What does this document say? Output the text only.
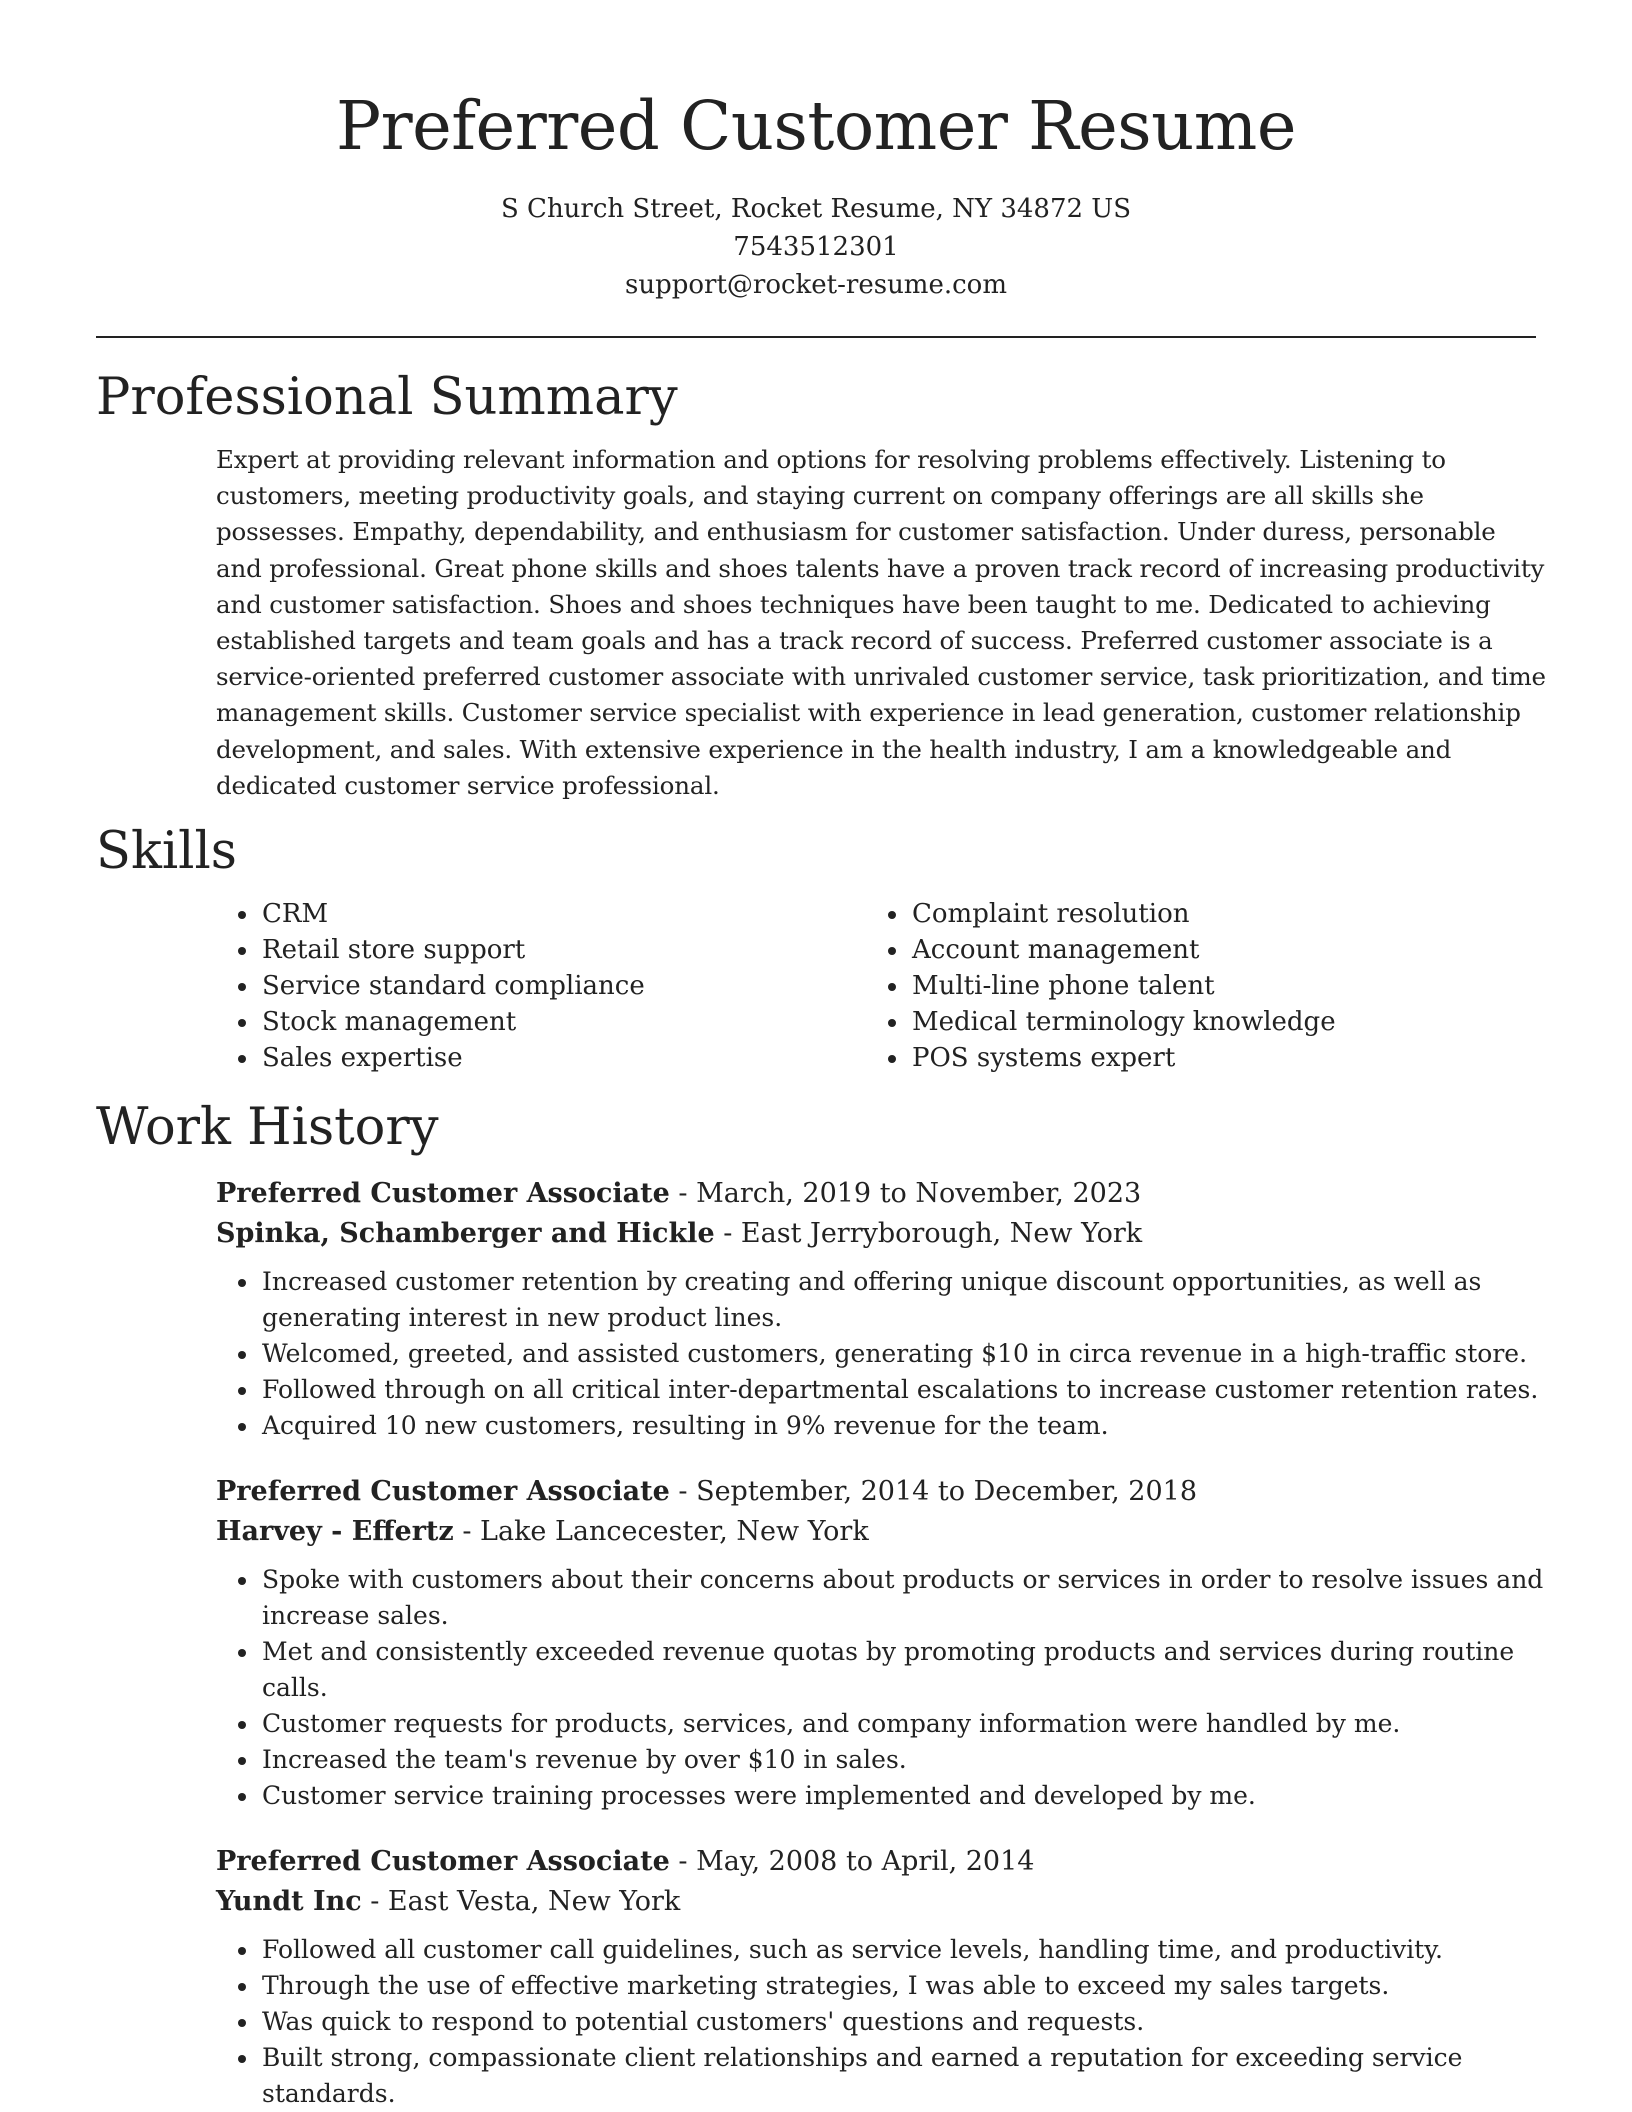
Preferred Customer Resume
S Church Street, Rocket Resume, NY 34872 US
7543512301
support@rocket-resume.com
Professional Summary
Expert at providing relevant information and options for resolving problems effectively. Listening to customers, meeting productivity goals, and staying current on company offerings are all skills she possesses. Empathy, dependability, and enthusiasm for customer satisfaction. Under duress, personable and professional. Great phone skills and shoes talents have a proven track record of increasing productivity and customer satisfaction. Shoes and shoes techniques have been taught to me. Dedicated to achieving established targets and team goals and has a track record of success. Preferred customer associate is a service-oriented preferred customer associate with unrivaled customer service, task prioritization, and time management skills. Customer service specialist with experience in lead generation, customer relationship development, and sales. With extensive experience in the health industry, I am a knowledgeable and dedicated customer service professional.
Skills
• CRM
• Retail store support
• Service standard compliance
• Stock management
• Sales expertise
• Complaint resolution
• Account management
• Multi-line phone talent
• Medical terminology knowledge
• POS systems expert
Work History
Preferred Customer Associate - March, 2019 to November, 2023
Spinka, Schamberger and Hickle - East Jerryborough, New York
• Increased customer retention by creating and offering unique discount opportunities, as well as generating interest in new product lines.
• Welcomed, greeted, and assisted customers, generating $10 in circa revenue in a high-traffic store.
• Followed through on all critical inter-departmental escalations to increase customer retention rates.
• Acquired 10 new customers, resulting in 9% revenue for the team.
Preferred Customer Associate - September, 2014 to December, 2018
Harvey - Effertz - Lake Lancecester, New York
• Spoke with customers about their concerns about products or services in order to resolve issues and increase sales.
• Met and consistently exceeded revenue quotas by promoting products and services during routine calls.
• Customer requests for products, services, and company information were handled by me.
• Increased the team's revenue by over $10 in sales.
• Customer service training processes were implemented and developed by me.
Preferred Customer Associate - May, 2008 to April, 2014
Yundt Inc - East Vesta, New York
• Followed all customer call guidelines, such as service levels, handling time, and productivity.
• Through the use of effective marketing strategies, I was able to exceed my sales targets.
• Was quick to respond to potential customers' questions and requests.
• Built strong, compassionate client relationships and earned a reputation for exceeding service standards.
